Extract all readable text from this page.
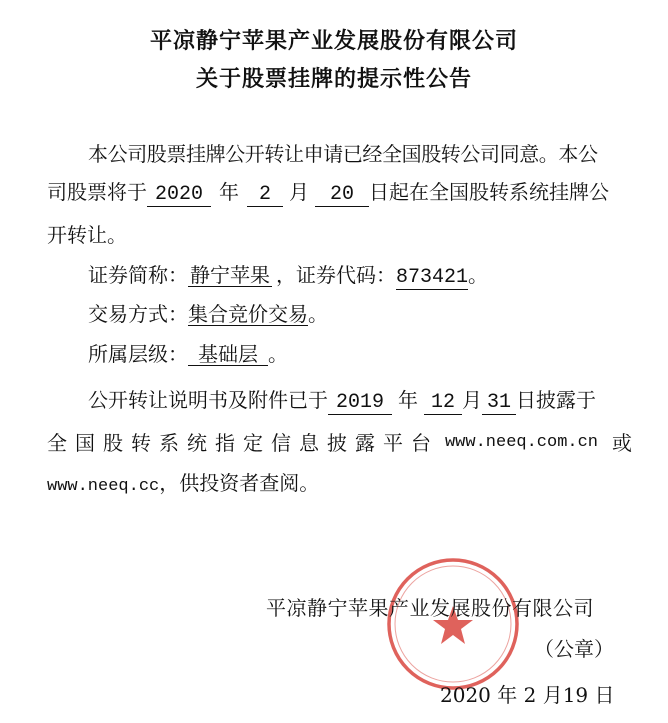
平凉静宁苹果产业发展股份有限公司
关于股票挂牌的提示性公告
本公司股票挂牌公开转让申请已经全国股转公司同意。本公
司股票将于 2020 年 2 月 20 日起在全国股转系统挂牌公
开转让。
证券简称： 静宁苹果 ，证券代码：873421。
交易方式：集合竞价交易。
所属层级： 基础层 。
公开转让说明书及附件已于 2019 年 12 月 31 日披露于
全 国 股 转 系 统 指 定 信 息 披 露 平 台 www.neeq.com.cn 或
www.neeq.cc，供投资者查阅。
平凉静宁苹果产业发展股份有限公司
（公章）
2020 年 2 月19 日
